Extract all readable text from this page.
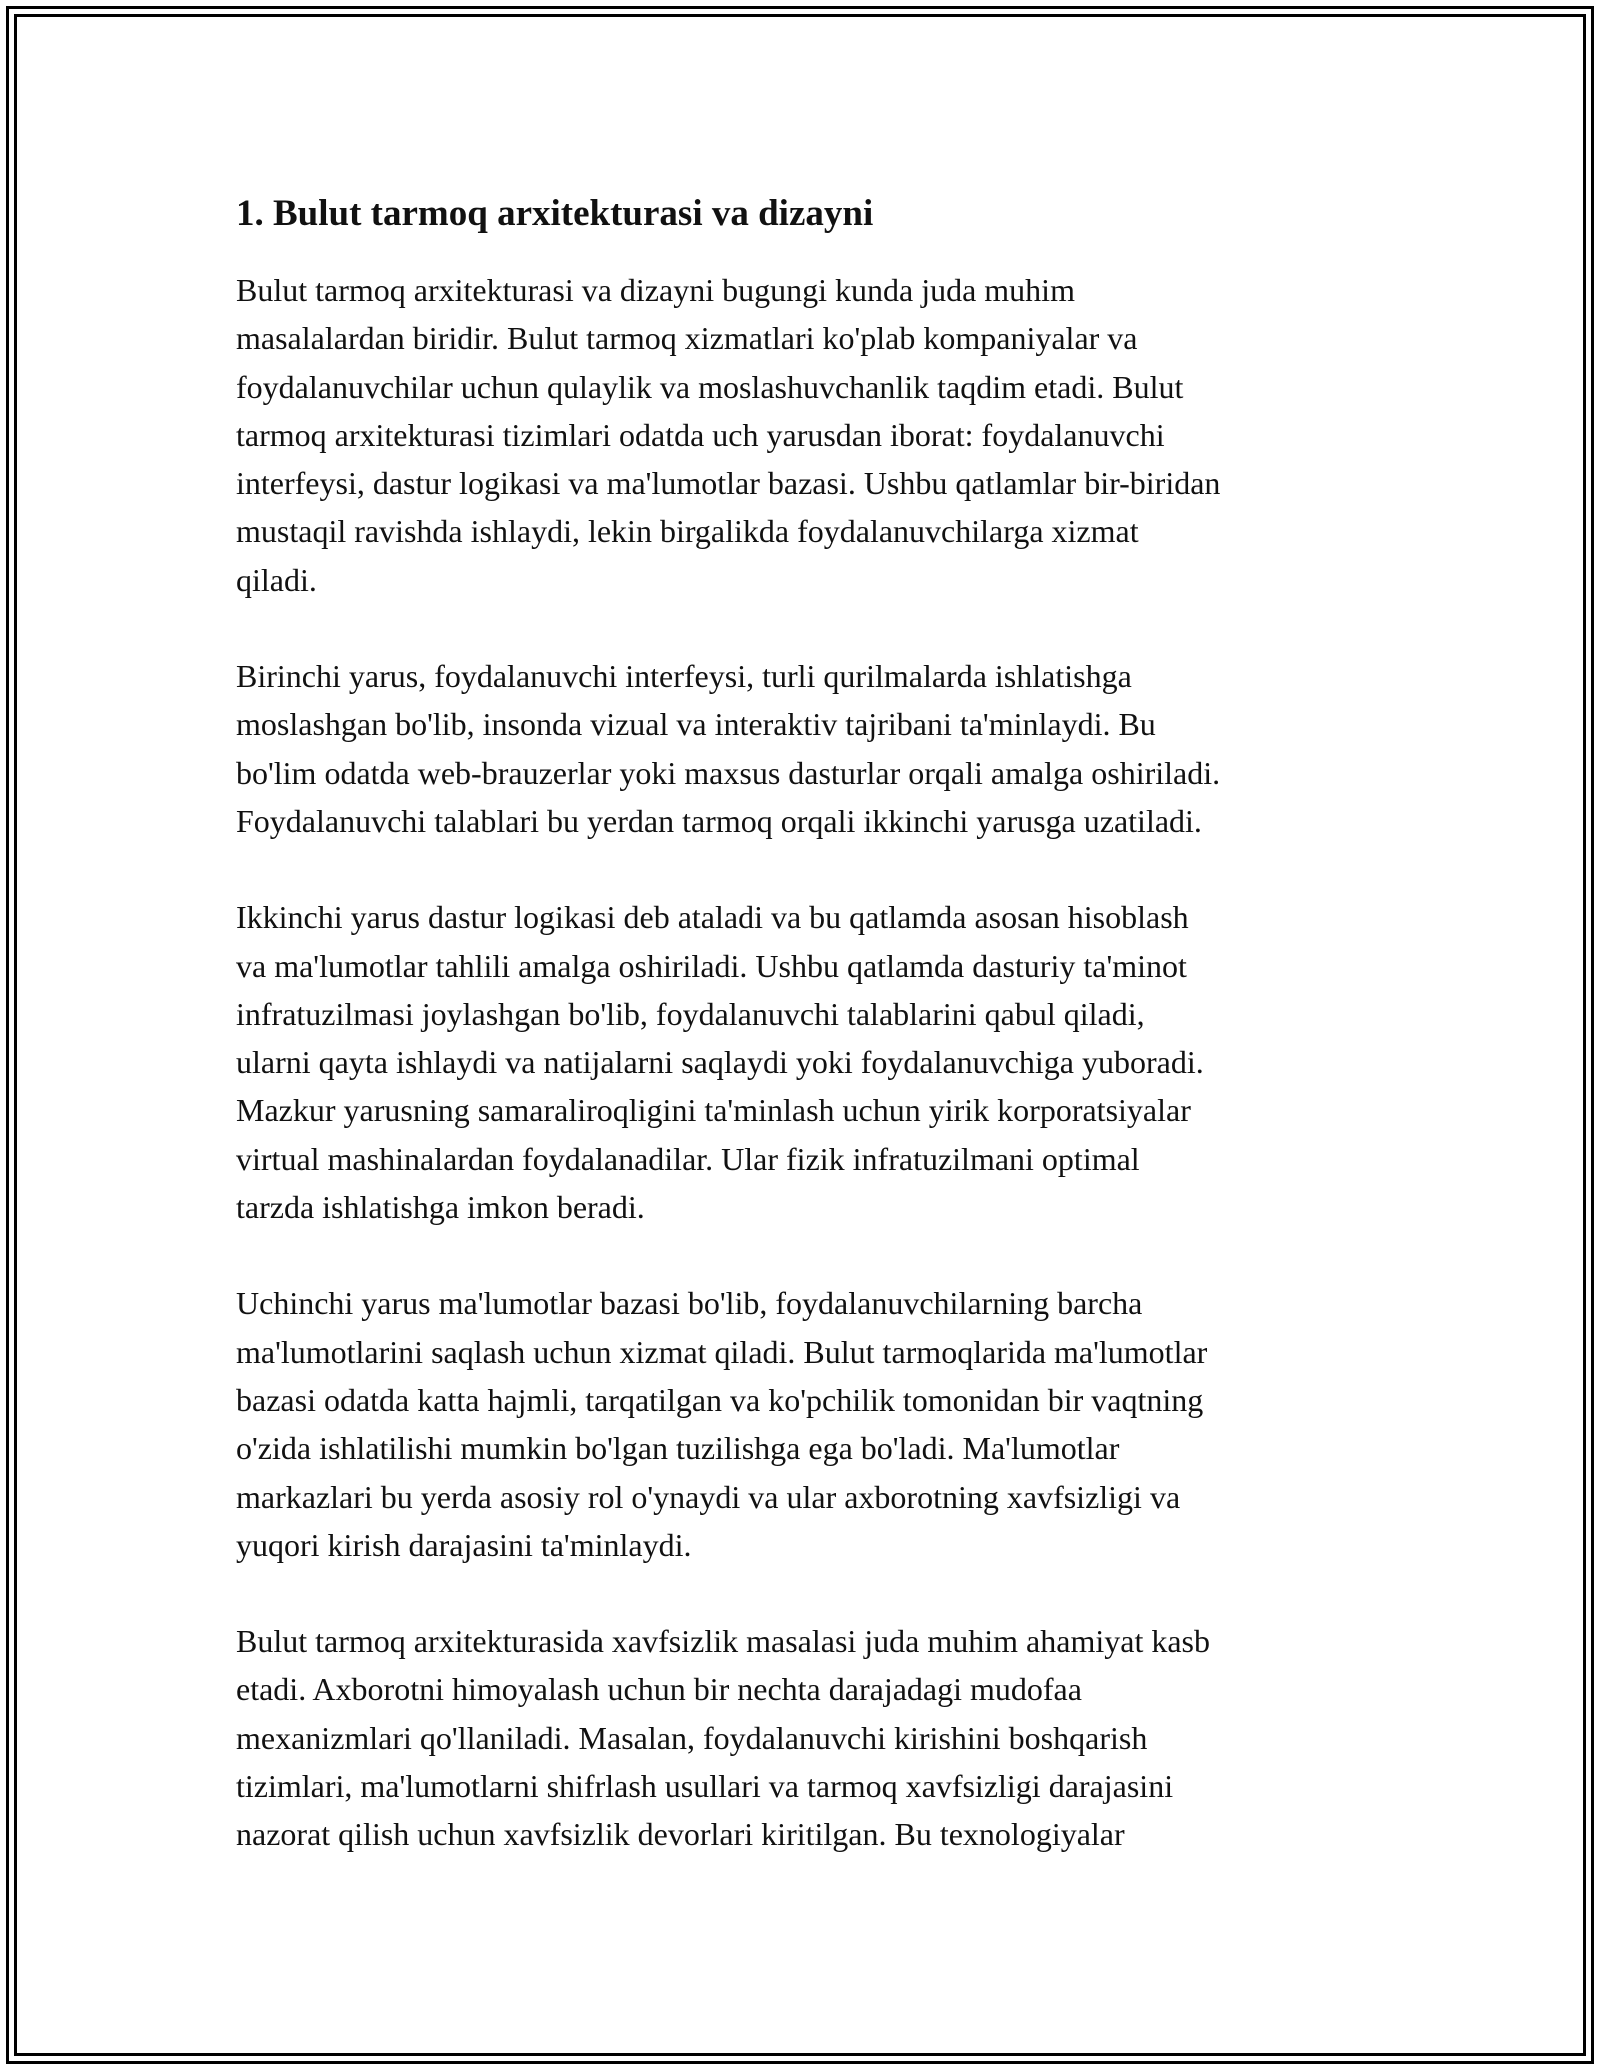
1. Bulut tarmoq arxitekturasi va dizayni

Bulut tarmoq arxitekturasi va dizayni bugungi kunda juda muhim
masalalardan biridir. Bulut tarmoq xizmatlari ko'plab kompaniyalar va
foydalanuvchilar uchun qulaylik va moslashuvchanlik taqdim etadi. Bulut
tarmoq arxitekturasi tizimlari odatda uch yarusdan iborat: foydalanuvchi
interfeysi, dastur logikasi va ma'lumotlar bazasi. Ushbu qatlamlar bir-biridan
mustaqil ravishda ishlaydi, lekin birgalikda foydalanuvchilarga xizmat
qiladi.

Birinchi yarus, foydalanuvchi interfeysi, turli qurilmalarda ishlatishga
moslashgan bo'lib, insonda vizual va interaktiv tajribani ta'minlaydi. Bu
bo'lim odatda web-brauzerlar yoki maxsus dasturlar orqali amalga oshiriladi.
Foydalanuvchi talablari bu yerdan tarmoq orqali ikkinchi yarusga uzatiladi.

Ikkinchi yarus dastur logikasi deb ataladi va bu qatlamda asosan hisoblash
va ma'lumotlar tahlili amalga oshiriladi. Ushbu qatlamda dasturiy ta'minot
infratuzilmasi joylashgan bo'lib, foydalanuvchi talablarini qabul qiladi,
ularni qayta ishlaydi va natijalarni saqlaydi yoki foydalanuvchiga yuboradi.
Mazkur yarusning samaraliroqligini ta'minlash uchun yirik korporatsiyalar
virtual mashinalardan foydalanadilar. Ular fizik infratuzilmani optimal
tarzda ishlatishga imkon beradi.

Uchinchi yarus ma'lumotlar bazasi bo'lib, foydalanuvchilarning barcha
ma'lumotlarini saqlash uchun xizmat qiladi. Bulut tarmoqlarida ma'lumotlar
bazasi odatda katta hajmli, tarqatilgan va ko'pchilik tomonidan bir vaqtning
o'zida ishlatilishi mumkin bo'lgan tuzilishga ega bo'ladi. Ma'lumotlar
markazlari bu yerda asosiy rol o'ynaydi va ular axborotning xavfsizligi va
yuqori kirish darajasini ta'minlaydi.

Bulut tarmoq arxitekturasida xavfsizlik masalasi juda muhim ahamiyat kasb
etadi. Axborotni himoyalash uchun bir nechta darajadagi mudofaa
mexanizmlari qo'llaniladi. Masalan, foydalanuvchi kirishini boshqarish
tizimlari, ma'lumotlarni shifrlash usullari va tarmoq xavfsizligi darajasini
nazorat qilish uchun xavfsizlik devorlari kiritilgan. Bu texnologiyalar
